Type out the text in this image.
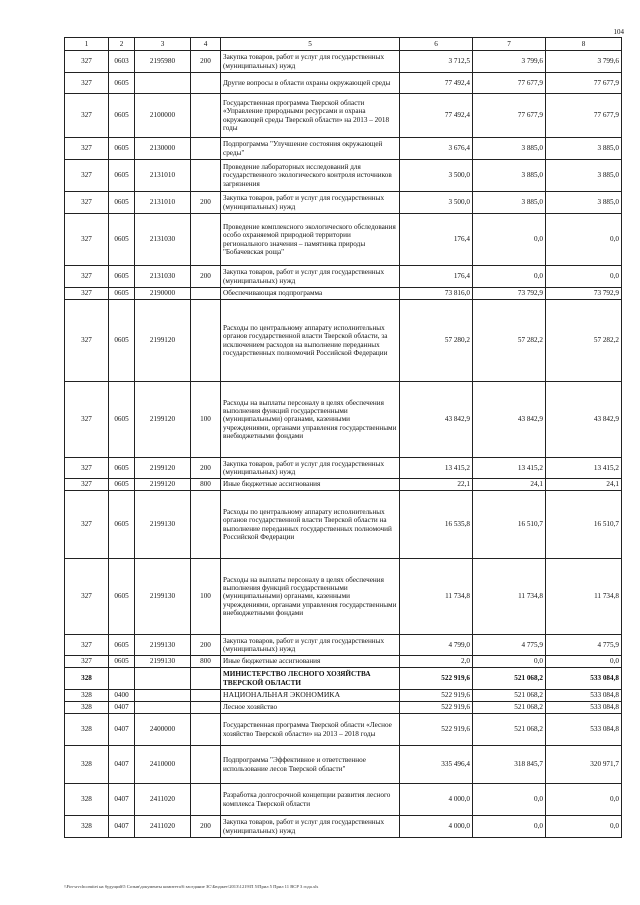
104
1	2	3	4	5	6	7	8
327	0603	2195980	200	Закупка товаров, работ и услуг для государственных (муниципальных) нужд	3 712,5	3 799,6	3 799,6
327	0605			Другие вопросы в области охраны окружающей среды	77 492,4	77 677,9	77 677,9
327	0605	2100000		Государственная программа Тверской области «Управление природными ресурсами и охрана окружающей среды Тверской области» на 2013 – 2018 годы	77 492,4	77 677,9	77 677,9
327	0605	2130000		Подпрограмма "Улучшение состояния окружающей среды"	3 676,4	3 885,0	3 885,0
327	0605	2131010		Проведение лабораторных исследований для государственного экологического контроля источников загрязнения	3 500,0	3 885,0	3 885,0
327	0605	2131010	200	Закупка товаров, работ и услуг для государственных (муниципальных) нужд	3 500,0	3 885,0	3 885,0
327	0605	2131030		Проведение комплексного экологического обследования особо охраняемой природной территории регионального значения – памятника природы "Бобачевская роща"	176,4	0,0	0,0
327	0605	2131030	200	Закупка товаров, работ и услуг для государственных (муниципальных) нужд	176,4	0,0	0,0
327	0605	2190000		Обеспечивающая подпрограмма	73 816,0	73 792,9	73 792,9
327	0605	2199120		Расходы по центральному аппарату исполнительных органов государственной власти Тверской области, за исключением расходов на выполнение переданных государственных полномочий Российской Федерации	57 280,2	57 282,2	57 282,2
327	0605	2199120	100	Расходы на выплаты персоналу в целях обеспечения выполнения функций государственными (муниципальными) органами, казенными учреждениями, органами управления государственными внебюджетными фондами	43 842,9	43 842,9	43 842,9
327	0605	2199120	200	Закупка товаров, работ и услуг для государственных (муниципальных) нужд	13 415,2	13 415,2	13 415,2
327	0605	2199120	800	Иные бюджетные ассигнования	22,1	24,1	24,1
327	0605	2199130		Расходы по центральному аппарату исполнительных органов государственной власти Тверской области на выполнение переданных государственных полномочий Российской Федерации	16 535,8	16 510,7	16 510,7
327	0605	2199130	100	Расходы на выплаты персоналу в целях обеспечения выполнения функций государственными (муниципальными) органами, казенными учреждениями, органами управления государственными внебюджетными фондами	11 734,8	11 734,8	11 734,8
327	0605	2199130	200	Закупка товаров, работ и услуг для государственных (муниципальных) нужд	4 799,0	4 775,9	4 775,9
327	0605	2199130	800	Иные бюджетные ассигнования	2,0	0,0	0,0
328				МИНИСТЕРСТВО ЛЕСНОГО ХОЗЯЙСТВА ТВЕРСКОЙ ОБЛАСТИ	522 919,6	521 068,2	533 084,8
328	0400			НАЦИОНАЛЬНАЯ ЭКОНОМИКА	522 919,6	521 068,2	533 084,8
328	0407			Лесное хозяйство	522 919,6	521 068,2	533 084,8
328	0407	2400000		Государственная программа Тверской области «Лесное хозяйство Тверской области» на 2013 – 2018 годы	522 919,6	521 068,2	533 084,8
328	0407	2410000		Подпрограмма "Эффективное и ответственное использование лесов Тверской области"	335 496,4	318 845,7	320 971,7
328	0407	2411020		Разработка долгосрочной концепции развития лесного комплекса Тверской области	4 000,0	0,0	0,0
328	0407	2411020	200	Закупка товаров, работ и услуг для государственных (муниципальных) нужд	4 000,0	0,0	0,0
\\Fin-srvchcomitet на будущий\5 Созыв\документы комитета\6 заседание ЗС\Бюджет\2013\1219\П 5\Прил 5 Прил 11 ВСР 3 года.xls
